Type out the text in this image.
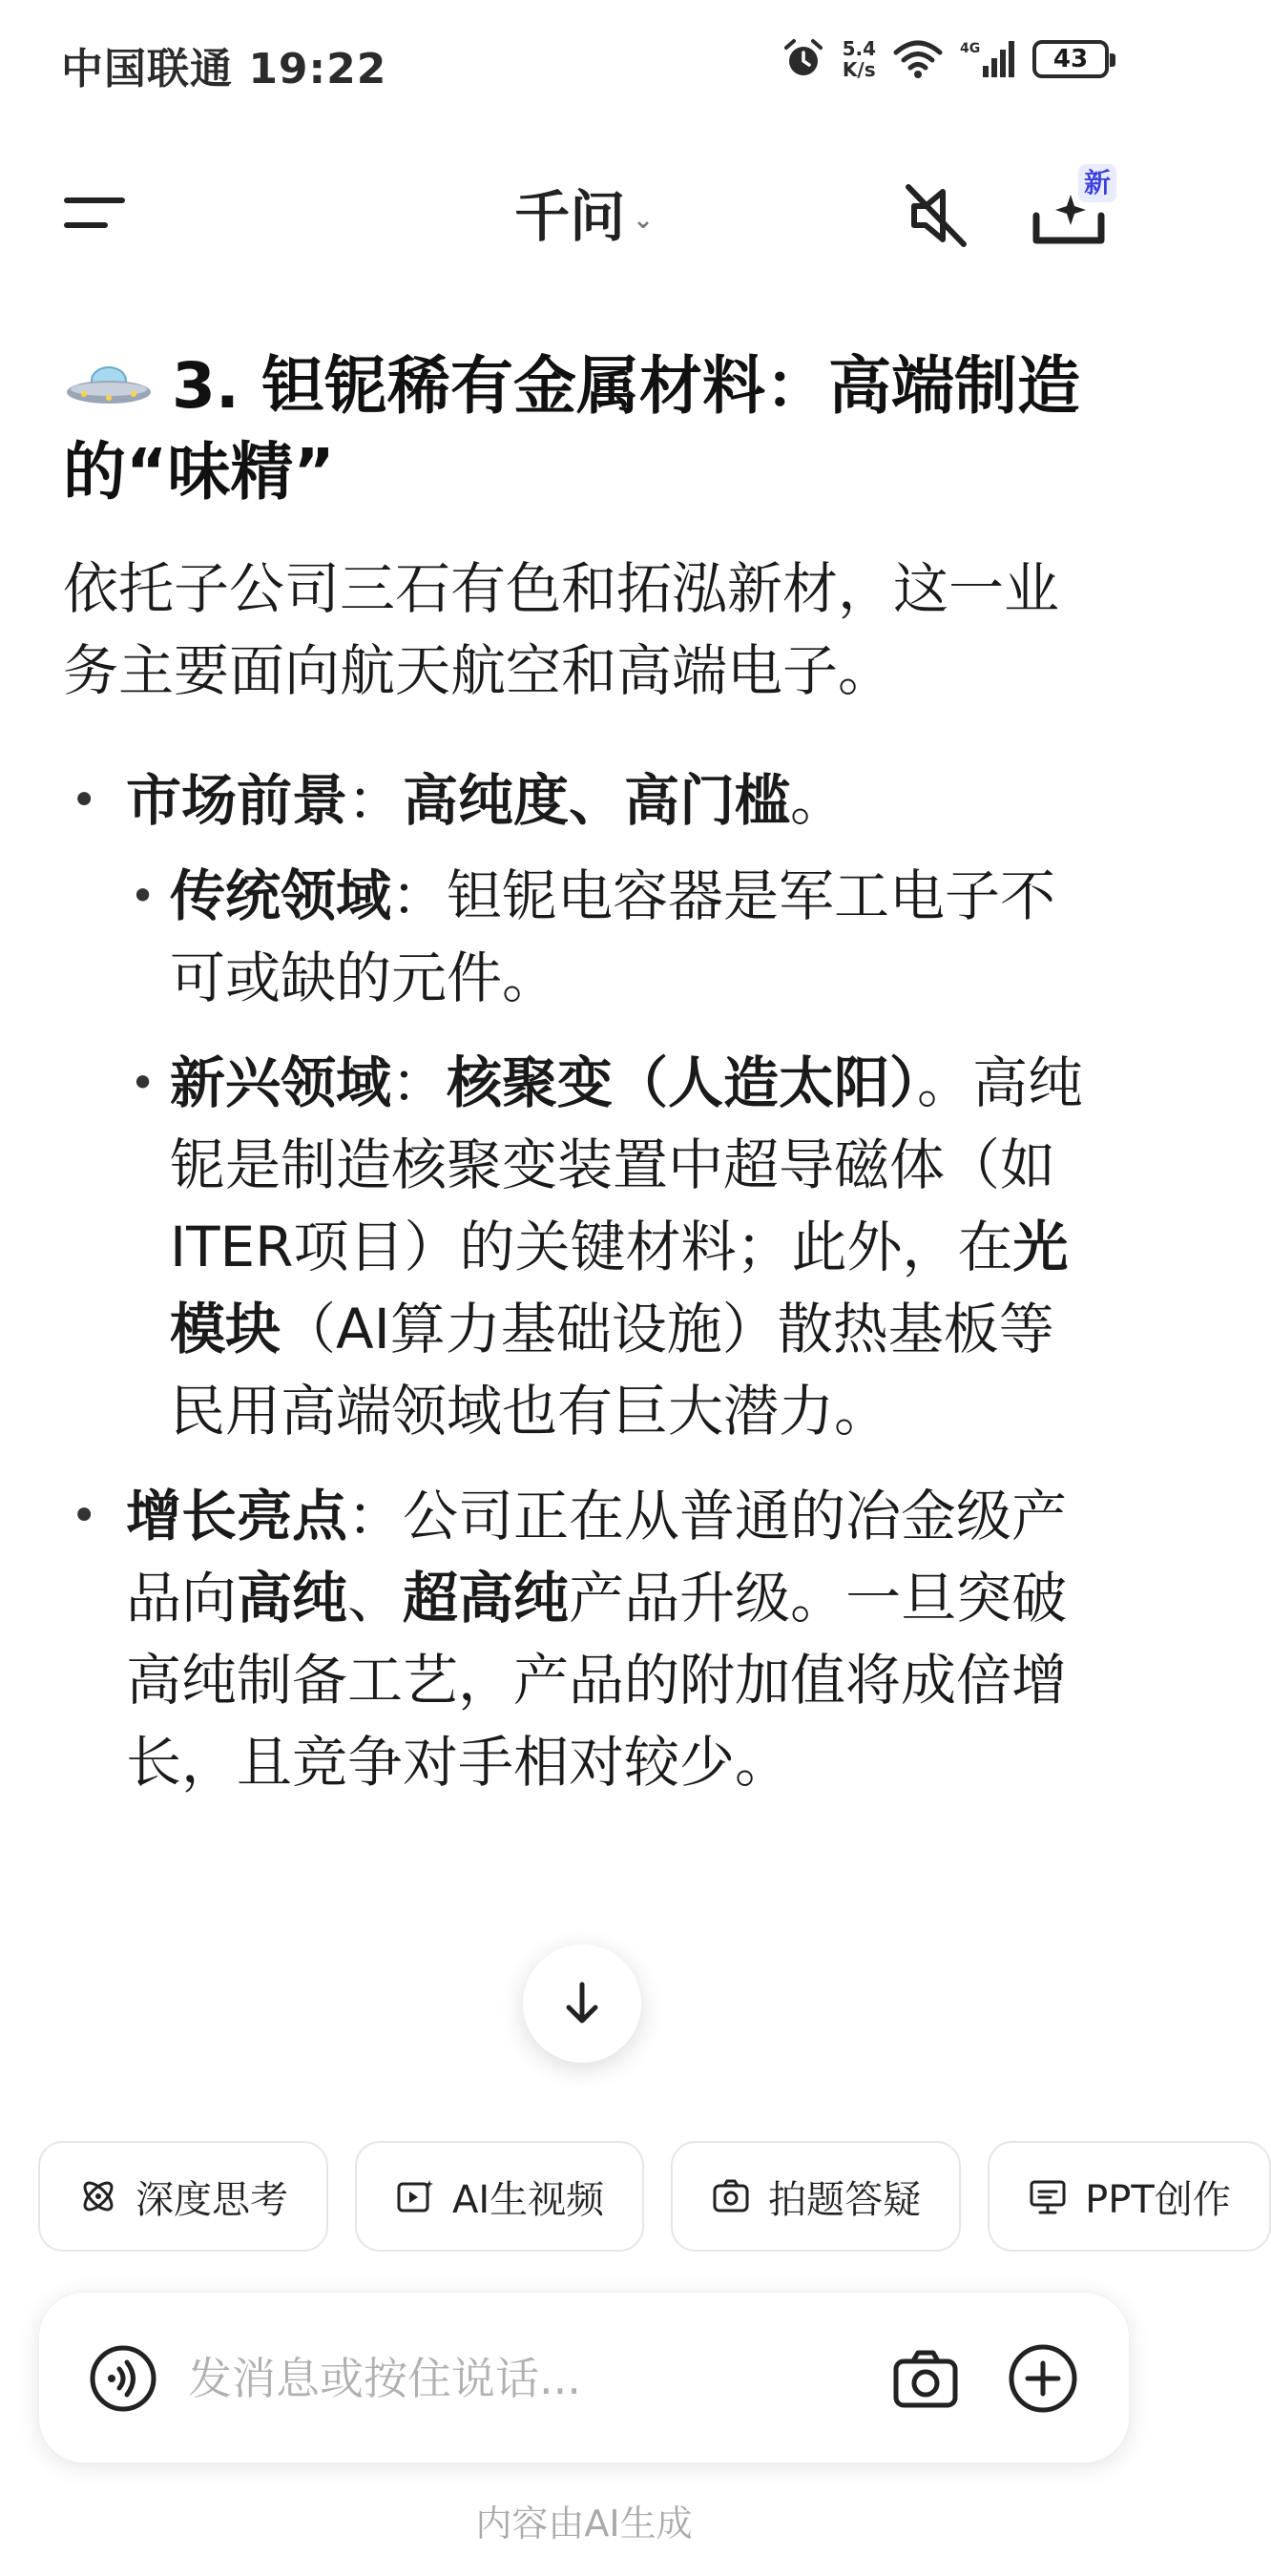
中国联通 19:22	5.4
K/s
4G	43
千问 ⌄
新
3. 钽铌稀有金属材料：高端制造的“味精”

依托子公司三石有色和拓泓新材，这一业务主要面向航天航空和高端电子。

• 市场前景：高纯度、高门槛。
• 传统领域：钽铌电容器是军工电子不可或缺的元件。
• 新兴领域：核聚变（人造太阳）。高纯铌是制造核聚变装置中超导磁体（如ITER项目）的关键材料；此外，在光模块（AI算力基础设施）散热基板等民用高端领域也有巨大潜力。
• 增长亮点：公司正在从普通的冶金级产品向高纯、超高纯产品升级。一旦突破高纯制备工艺，产品的附加值将成倍增长，且竞争对手相对较少。
深度思考	AI生视频	拍题答疑	PPT创作
发消息或按住说话...
内容由AI生成
